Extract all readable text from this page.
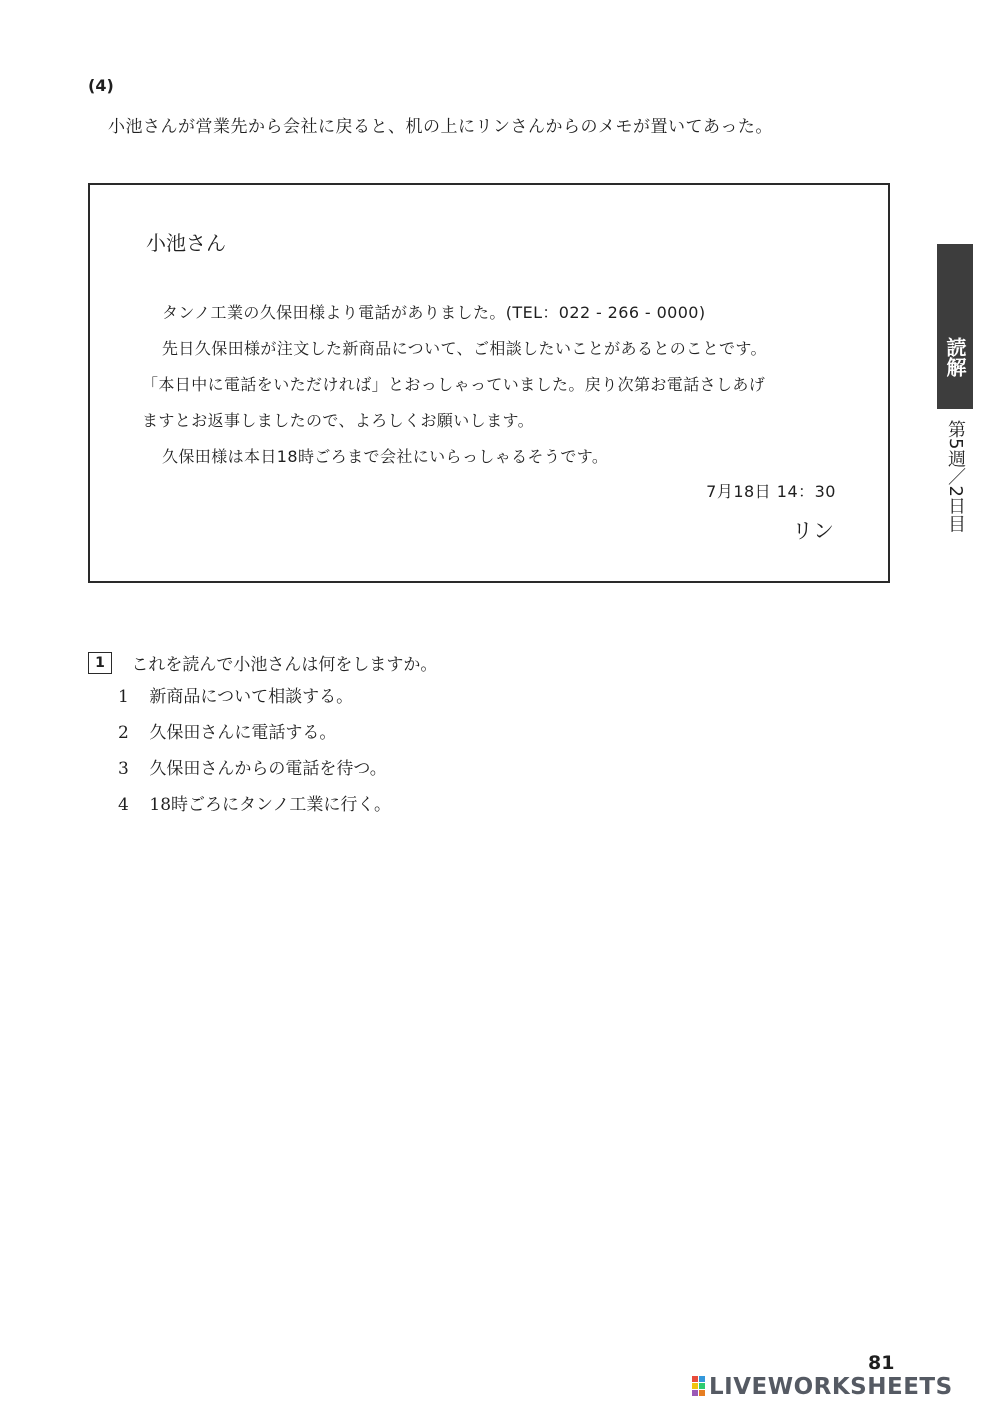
(4)
小池さんが営業先から会社に戻ると、机の上にリンさんからのメモが置いてあった。
小池さん
タンノ工業の久保田様より電話がありました。(TEL：022 - 266 - 0000)
先日久保田様が注文した新商品について、ご相談したいことがあるとのことです。
「本日中に電話をいただければ」とおっしゃっていました。戻り次第お電話さしあげ
ますとお返事しましたので、よろしくお願いします。
久保田様は本日18時ごろまで会社にいらっしゃるそうです。
7月18日 14：30
リン
読解
第5週／2日目
1 これを読んで小池さんは何をしますか。
1 新商品について相談する。
2 久保田さんに電話する。
3 久保田さんからの電話を待つ。
4 18時ごろにタンノ工業に行く。
81
LIVEWORKSHEETS
